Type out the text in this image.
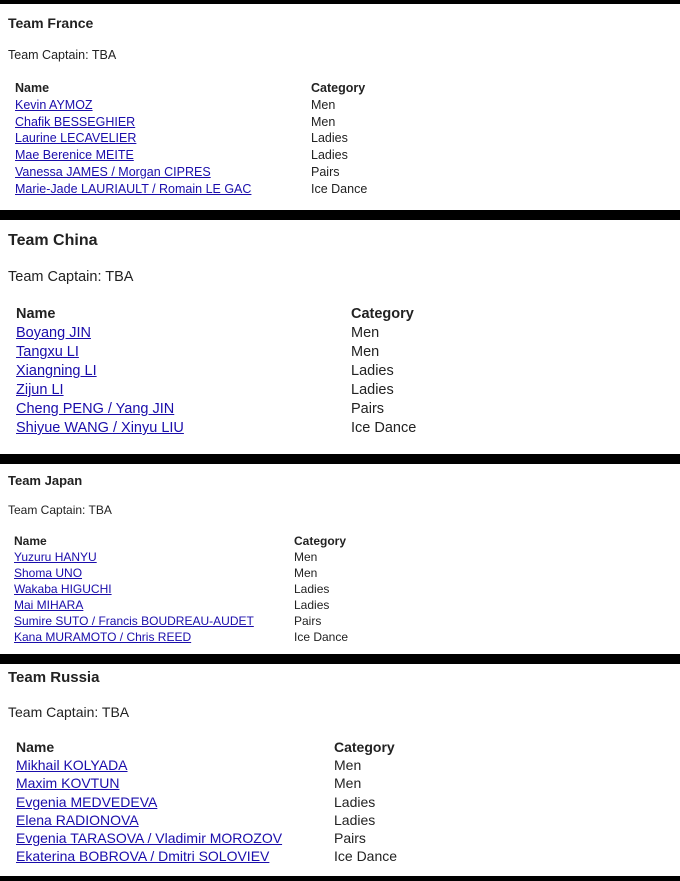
Team France
Team Captain: TBA
Name	Category
Kevin AYMOZ	Men
Chafik BESSEGHIER	Men
Laurine LECAVELIER	Ladies
Mae Berenice MEITE	Ladies
Vanessa JAMES / Morgan CIPRES	Pairs
Marie-Jade LAURIAULT / Romain LE GAC	Ice Dance
Team China
Team Captain: TBA
Name	Category
Boyang JIN	Men
Tangxu LI	Men
Xiangning LI	Ladies
Zijun LI	Ladies
Cheng PENG / Yang JIN	Pairs
Shiyue WANG / Xinyu LIU	Ice Dance
Team Japan
Team Captain: TBA
Name	Category
Yuzuru HANYU	Men
Shoma UNO	Men
Wakaba HIGUCHI	Ladies
Mai MIHARA	Ladies
Sumire SUTO / Francis BOUDREAU-AUDET	Pairs
Kana MURAMOTO / Chris REED	Ice Dance
Team Russia
Team Captain: TBA
Name	Category
Mikhail KOLYADA	Men
Maxim KOVTUN	Men
Evgenia MEDVEDEVA	Ladies
Elena RADIONOVA	Ladies
Evgenia TARASOVA / Vladimir MOROZOV	Pairs
Ekaterina BOBROVA / Dmitri SOLOVIEV	Ice Dance
